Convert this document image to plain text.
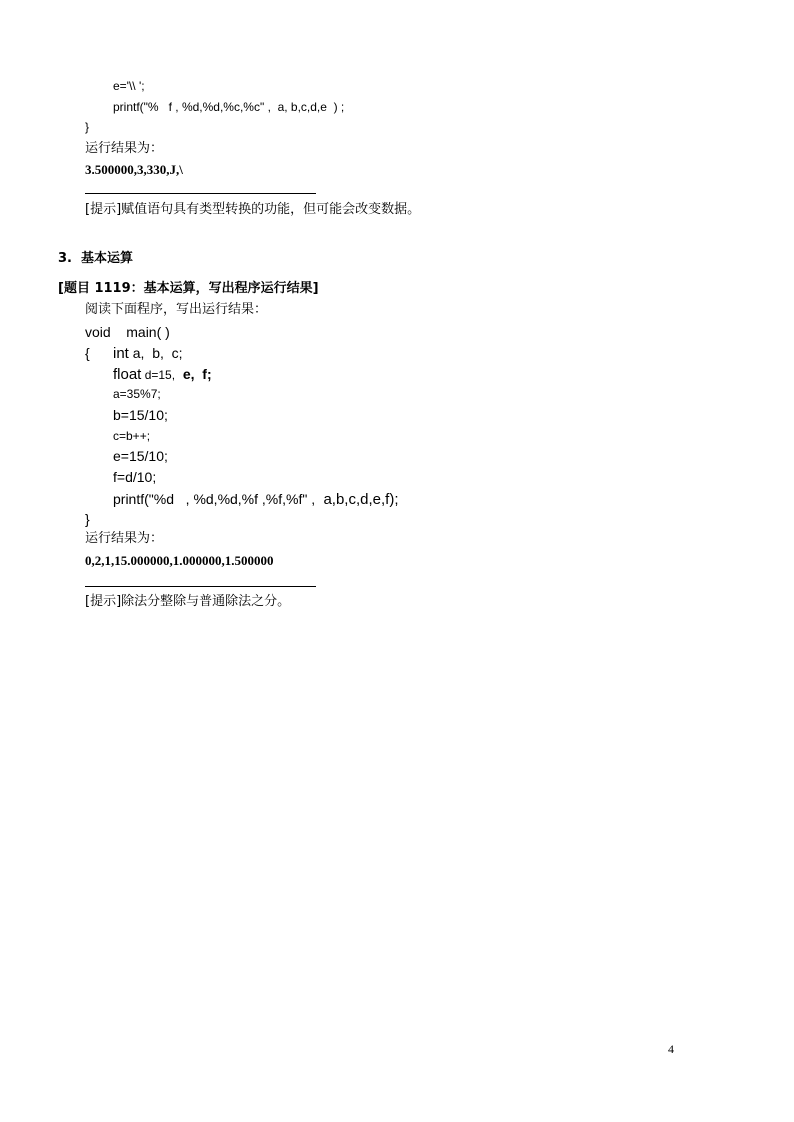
e='\\ ';
printf("%   f , %d,%d,%c,%c" ,  a, b,c,d,e  ) ;
}
运行结果为：
3.500000,3,330,J,\
[提示]赋值语句具有类型转换的功能，但可能会改变数据。
3.  基本运算
[题目 1119：基本运算，写出程序运行结果]
阅读下面程序，写出运行结果：
void    main( )
{ int a,  b,  c;
float d=15,  e,  f;
a=35%7;
b=15/10;
c=b++;
e=15/10;
f=d/10;
printf("%d   , %d,%d,%f ,%f,%f" ,  a,b,c,d,e,f);
}
运行结果为：
0,2,1,15.000000,1.000000,1.500000
[提示]除法分整除与普通除法之分。
4
